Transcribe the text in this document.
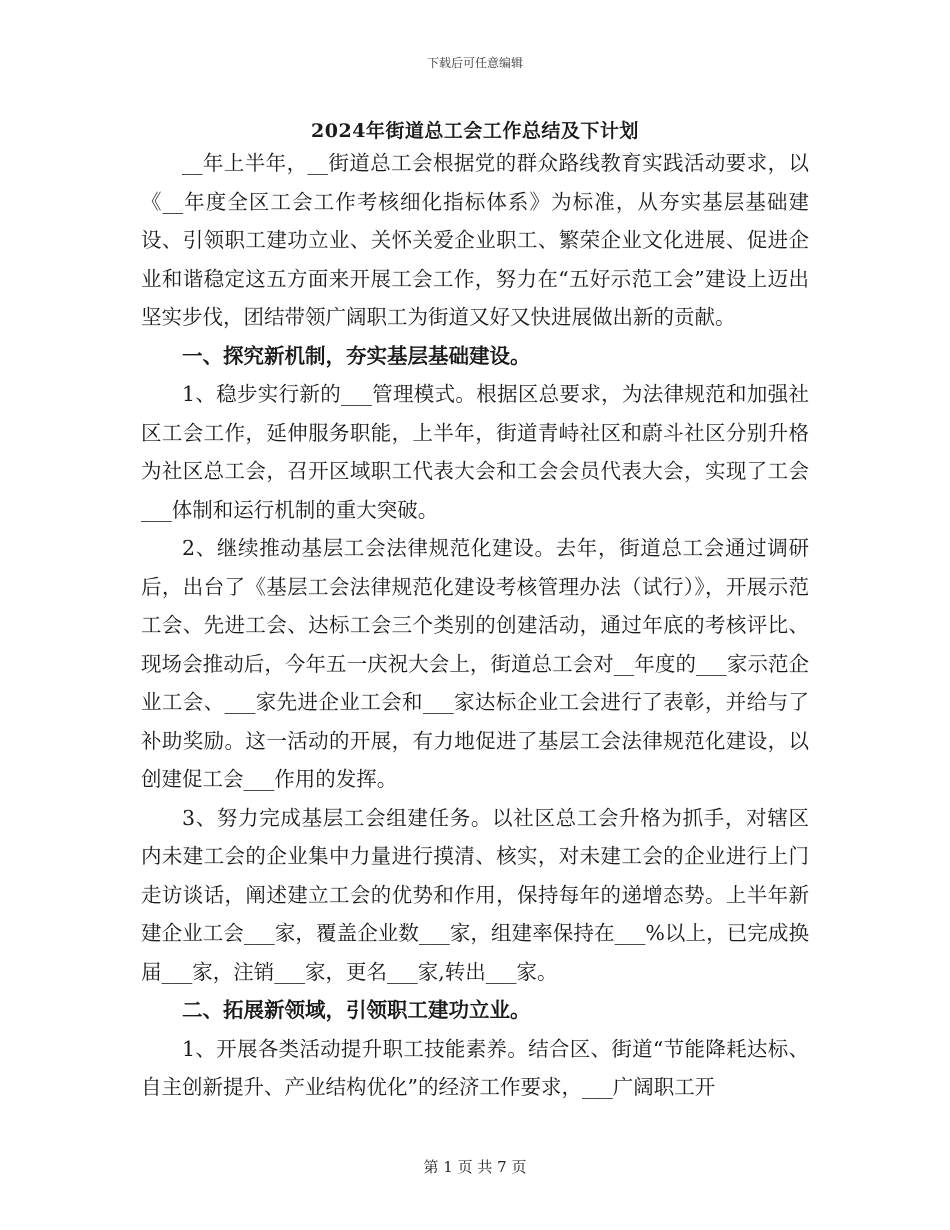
下载后可任意编辑
2024年街道总工会工作总结及下计划

__年上半年，__街道总工会根据党的群众路线教育实践活动要求，以《__年度全区工会工作考核细化指标体系》为标准，从夯实基层基础建设、引领职工建功立业、关怀关爱企业职工、繁荣企业文化进展、促进企业和谐稳定这五方面来开展工会工作，努力在“五好示范工会”建设上迈出坚实步伐，团结带领广阔职工为街道又好又快进展做出新的贡献。

一、探究新机制，夯实基层基础建设。

1、稳步实行新的___管理模式。根据区总要求，为法律规范和加强社区工会工作，延伸服务职能，上半年，街道青峙社区和蔚斗社区分别升格为社区总工会，召开区域职工代表大会和工会会员代表大会，实现了工会___体制和运行机制的重大突破。

2、继续推动基层工会法律规范化建设。去年，街道总工会通过调研后，出台了《基层工会法律规范化建设考核管理办法（试行）》，开展示范工会、先进工会、达标工会三个类别的创建活动，通过年底的考核评比、现场会推动后，今年五一庆祝大会上，街道总工会对__年度的___家示范企业工会、___家先进企业工会和___家达标企业工会进行了表彰，并给与了补助奖励。这一活动的开展，有力地促进了基层工会法律规范化建设，以创建促工会___作用的发挥。

3、努力完成基层工会组建任务。以社区总工会升格为抓手，对辖区内未建工会的企业集中力量进行摸清、核实，对未建工会的企业进行上门走访谈话，阐述建立工会的优势和作用，保持每年的递增态势。上半年新建企业工会___家，覆盖企业数___家，组建率保持在___%以上，已完成换届___家，注销___家，更名___家,转出___家。

二、拓展新领域，引领职工建功立业。

1、开展各类活动提升职工技能素养。结合区、街道“节能降耗达标、自主创新提升、产业结构优化”的经济工作要求，___广阔职工开

第 1 页 共 7 页
